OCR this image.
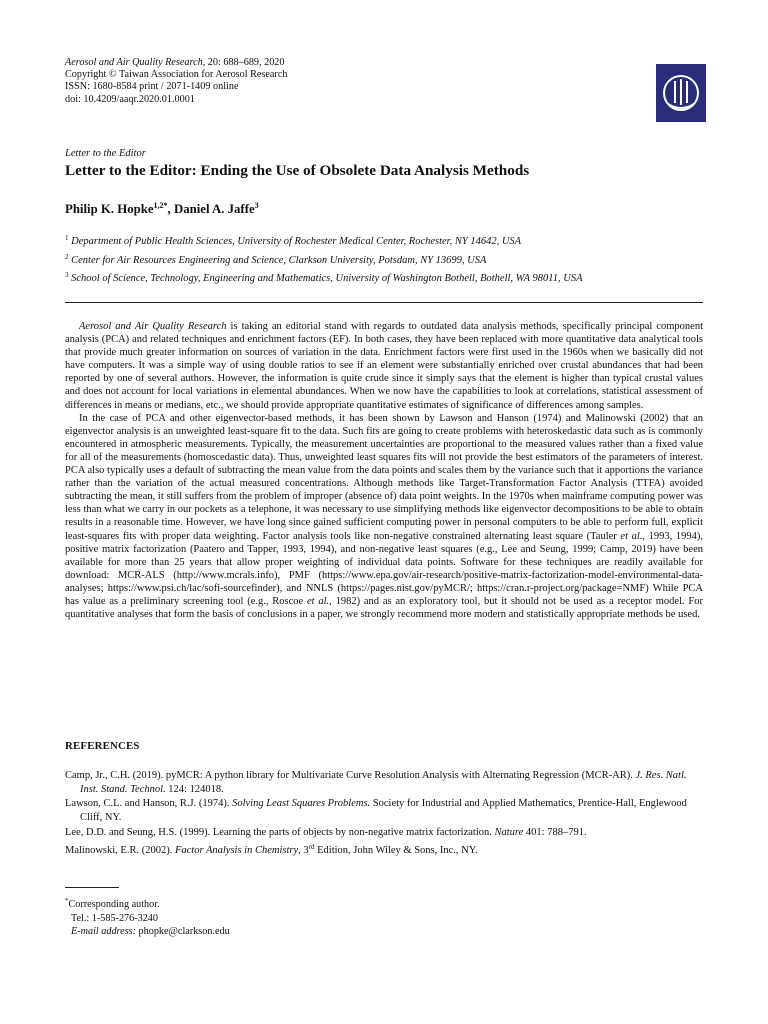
Aerosol and Air Quality Research, 20: 688–689, 2020
Copyright © Taiwan Association for Aerosol Research
ISSN: 1680-8584 print / 2071-1409 online
doi: 10.4209/aaqr.2020.01.0001
Letter to the Editor
Letter to the Editor: Ending the Use of Obsolete Data Analysis Methods
Philip K. Hopke$^{1,2*}$, Daniel A. Jaffe$^3$
$^1$ Department of Public Health Sciences, University of Rochester Medical Center, Rochester, NY 14642, USA
$^2$ Center for Air Resources Engineering and Science, Clarkson University, Potsdam, NY 13699, USA
$^3$ School of Science, Technology, Engineering and Mathematics, University of Washington Bothell, Bothell, WA 98011, USA

Aerosol and Air Quality Research is taking an editorial stand with regards to outdated data analysis methods, specifically principal component analysis (PCA) and related techniques and enrichment factors (EF). In both cases, they have been replaced with more quantitative data analytical tools that provide much greater information on sources of variation in the data. Enrichment factors were first used in the 1960s when we basically did not have computers. It was a simple way of using double ratios to see if an element were substantially enriched over crustal abundances that had been reported by one of several authors. However, the information is quite crude since it simply says that the element is higher than typical crustal values and does not account for local variations in elemental abundances. When we now have the capabilities to look at correlations, statistical assessment of differences in means or medians, etc., we should provide appropriate quantitative estimates of significance of differences among samples.

In the case of PCA and other eigenvector-based methods, it has been shown by Lawson and Hanson (1974) and Malinowski (2002) that an eigenvector analysis is an unweighted least-square fit to the data. Such fits are going to create problems with heteroskedastic data such as is commonly encountered in atmospheric measurements. Typically, the measurement uncertainties are proportional to the measured values rather than a fixed value for all of the measurements (homoscedastic data). Thus, unweighted least squares fits will not provide the best estimators of the parameters of interest. PCA also typically uses a default of subtracting the mean value from the data points and scales them by the variance such that it apportions the variance rather than the variation of the actual measured concentrations. Although methods like Target-Transformation Factor Analysis (TTFA) avoided subtracting the mean, it still suffers from the problem of improper (absence of) data point weights. In the 1970s when mainframe computing power was less than what we carry in our pockets as a telephone, it was necessary to use simplifying methods like eigenvector decompositions to be able to obtain results in a reasonable time. However, we have long since gained sufficient computing power in personal computers to be able to perform full, explicit least-squares fits with proper data weighting. Factor analysis tools like non-negative constrained alternating least square (Tauler et al., 1993, 1994), positive matrix factorization (Paatero and Tapper, 1993, 1994), and non-negative least squares (e.g., Lee and Seung, 1999; Camp, 2019) have been available for more than 25 years that allow proper weighting of individual data points. Software for these techniques are readily available for download: MCR-ALS (http://www.mcrals.info), PMF (https://www.epa.gov/air-research/positive-matrix-factorization-model-environmental-data-analyses; https://www.psi.ch/lac/sofi-sourcefinder), and NNLS (https://pages.nist.gov/pyMCR/; https://cran.r-project.org/package=NMF) While PCA has value as a preliminary screening tool (e.g., Roscoe et al., 1982) and as an exploratory tool, but it should not be used as a receptor model. For quantitative analyses that form the basis of conclusions in a paper, we strongly recommend more modern and statistically appropriate methods be used.

REFERENCES

Camp, Jr., C.H. (2019). pyMCR: A python library for Multivariate Curve Resolution Analysis with Alternating Regression (MCR-AR). J. Res. Natl. Inst. Stand. Technol. 124: 124018.

Lawson, C.L. and Hanson, R.J. (1974). Solving Least Squares Problems. Society for Industrial and Applied Mathematics, Prentice-Hall, Englewood Cliff, NY.

Lee, D.D. and Seung, H.S. (1999). Learning the parts of objects by non-negative matrix factorization. Nature 401: 788–791.

Malinowski, E.R. (2002). Factor Analysis in Chemistry, 3rd Edition, John Wiley & Sons, Inc., NY.

*Corresponding author.
Tel.: 1-585-276-3240
E-mail address: phopke@clarkson.edu
